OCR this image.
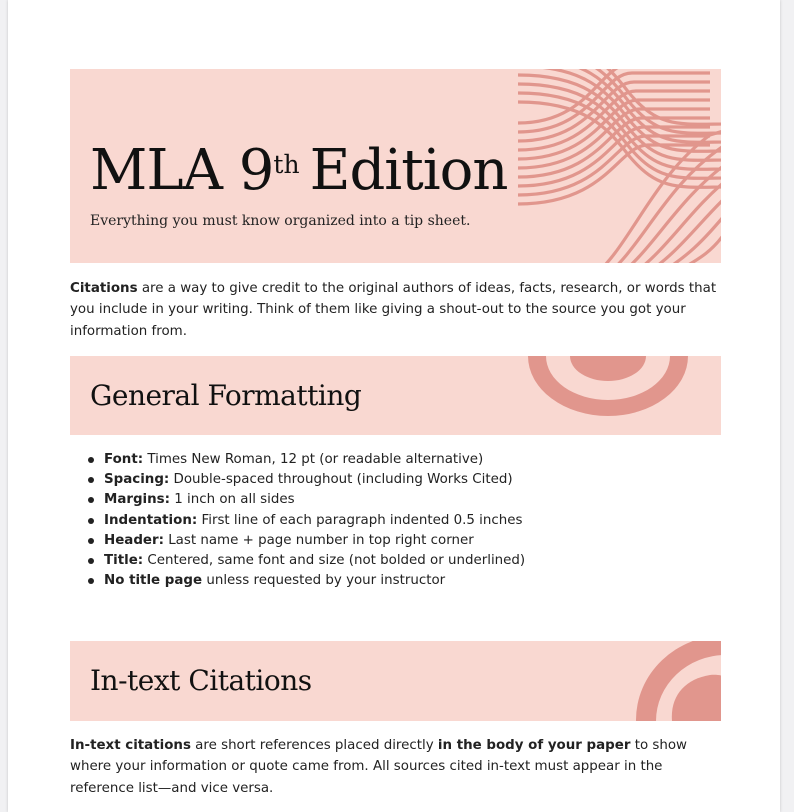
MLA 9th Edition

Everything you must know organized into a tip sheet.

Citations are a way to give credit to the original authors of ideas, facts, research, or words that you include in your writing. Think of them like giving a shout-out to the source you got your information from.

General Formatting
Font: Times New Roman, 12 pt (or readable alternative)
Spacing: Double-spaced throughout (including Works Cited)
Margins: 1 inch on all sides
Indentation: First line of each paragraph indented 0.5 inches
Header: Last name + page number in top right corner
Title: Centered, same font and size (not bolded or underlined)
No title page unless requested by your instructor
In-text Citations

In-text citations are short references placed directly in the body of your paper to show where your information or quote came from. All sources cited in-text must appear in the reference list—and vice versa.
